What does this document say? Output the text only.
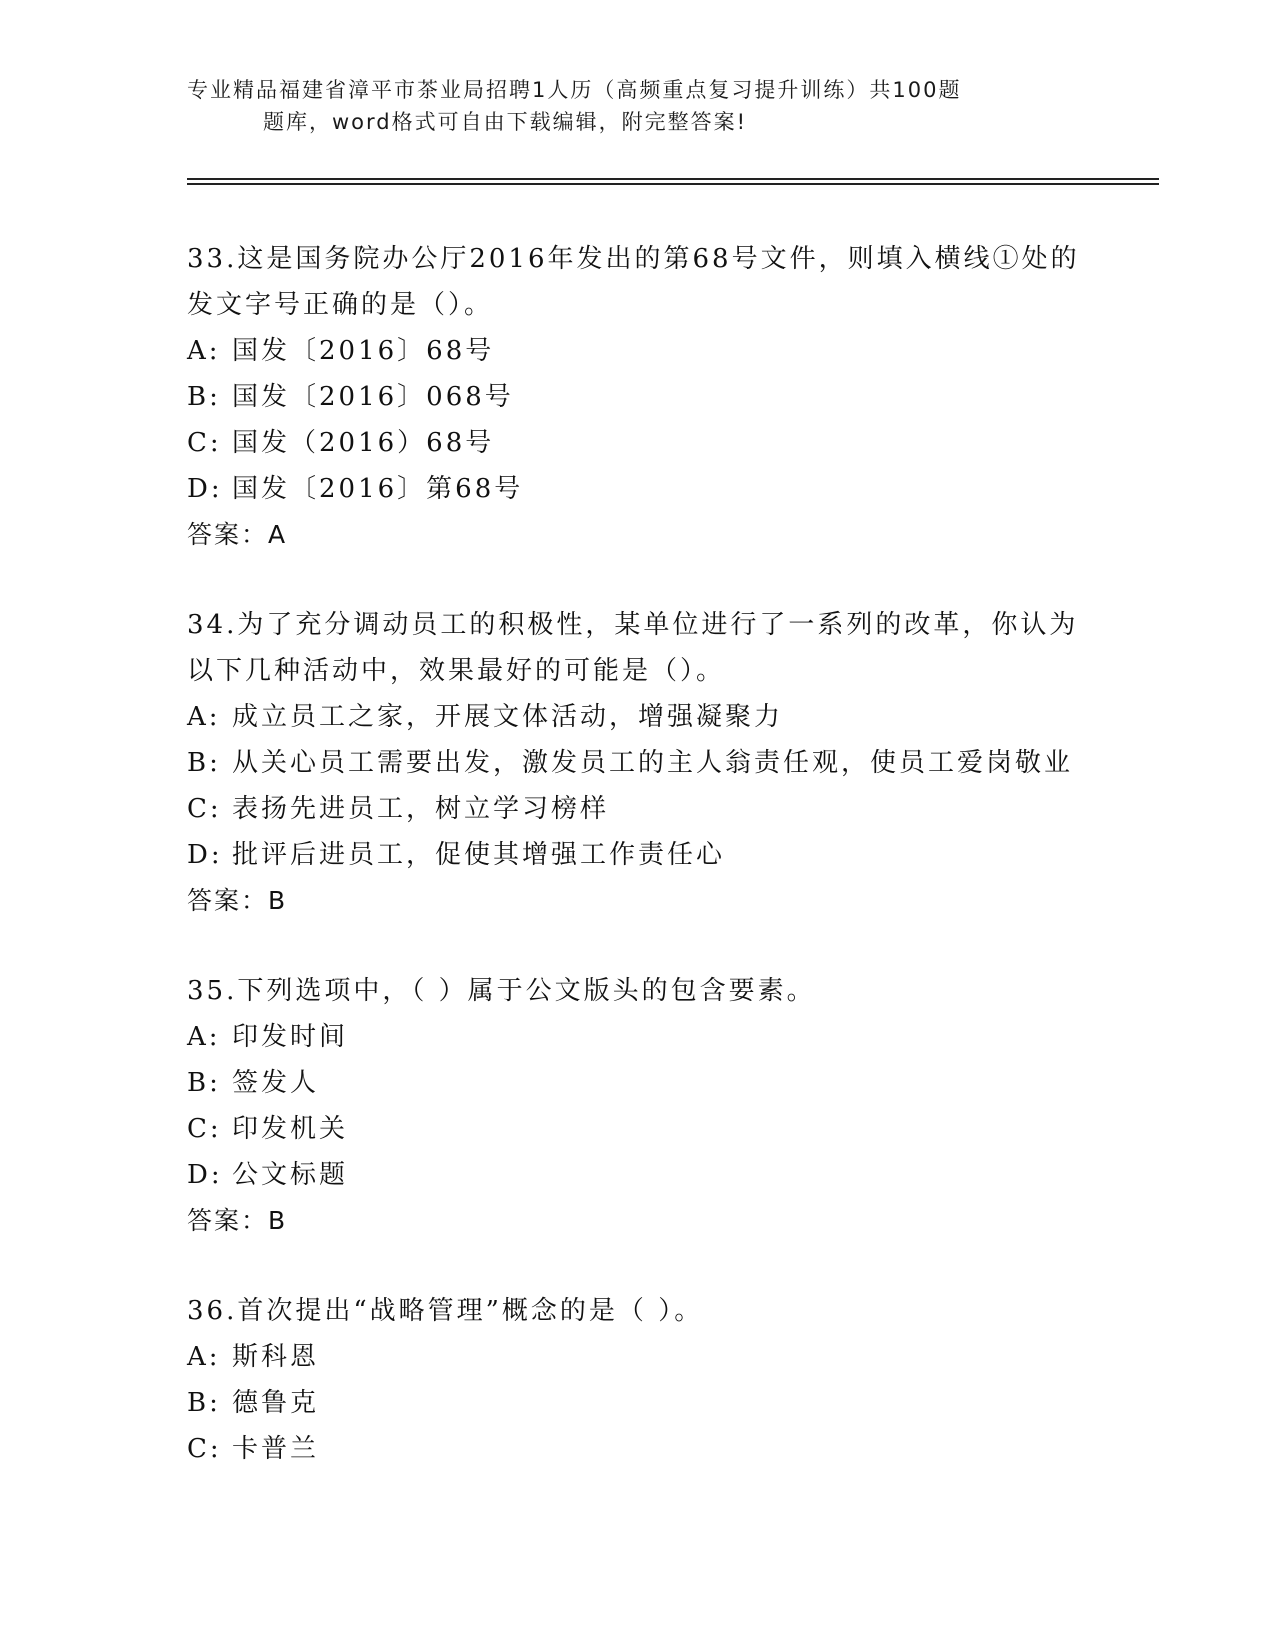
专业精品福建省漳平市茶业局招聘1人历（高频重点复习提升训练）共100题
题库，word格式可自由下载编辑，附完整答案!
33.这是国务院办公厅2016年发出的第68号文件，则填入横线①处的
发文字号正确的是（）。
A: 国发〔2016〕68号
B: 国发〔2016〕068号
C: 国发（2016）68号
D: 国发〔2016〕第68号
答案：A
34.为了充分调动员工的积极性，某单位进行了一系列的改革，你认为
以下几种活动中，效果最好的可能是（）。
A: 成立员工之家，开展文体活动，增强凝聚力
B: 从关心员工需要出发，激发员工的主人翁责任观，使员工爱岗敬业
C: 表扬先进员工，树立学习榜样
D: 批评后进员工，促使其增强工作责任心
答案：B
35.下列选项中，（ ）属于公文版头的包含要素。
A: 印发时间
B: 签发人
C: 印发机关
D: 公文标题
答案：B
36.首次提出“战略管理”概念的是（ ）。
A: 斯科恩
B: 德鲁克
C: 卡普兰
